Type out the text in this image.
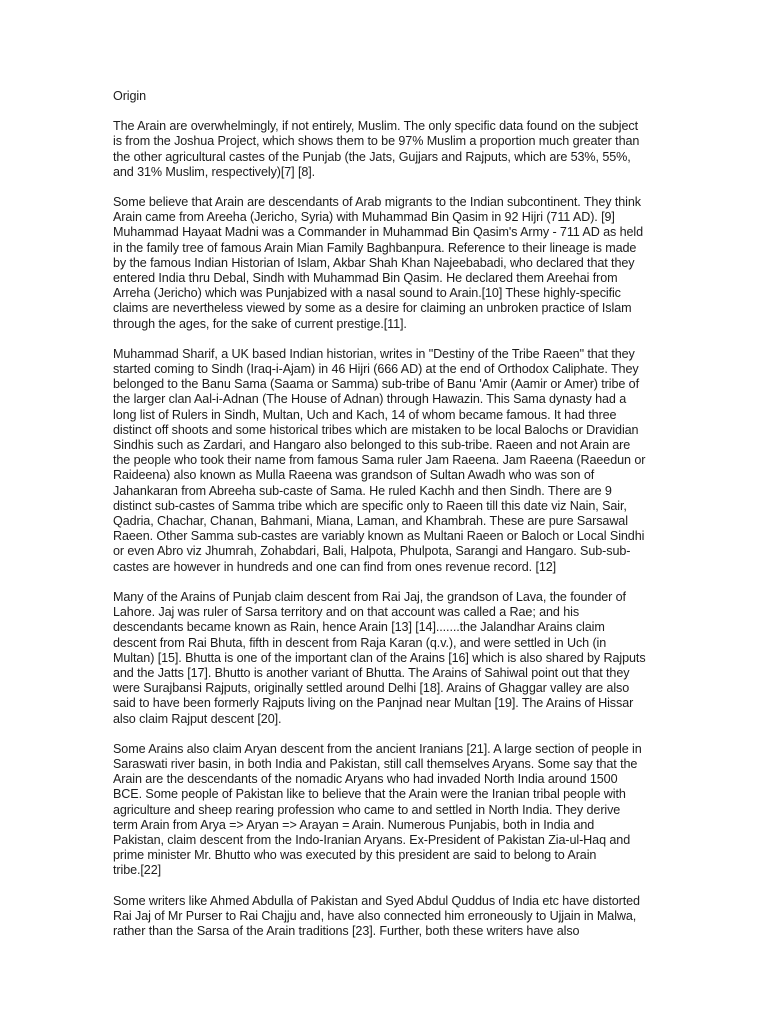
Origin

The Arain are overwhelmingly, if not entirely, Muslim. The only specific data found on the subject
is from the Joshua Project, which shows them to be 97% Muslim a proportion much greater than
the other agricultural castes of the Punjab (the Jats, Gujjars and Rajputs, which are 53%, 55%,
and 31% Muslim, respectively)[7] [8].

Some believe that Arain are descendants of Arab migrants to the Indian subcontinent. They think
Arain came from Areeha (Jericho, Syria) with Muhammad Bin Qasim in 92 Hijri (711 AD). [9]
Muhammad Hayaat Madni was a Commander in Muhammad Bin Qasim's Army - 711 AD as held
in the family tree of famous Arain Mian Family Baghbanpura. Reference to their lineage is made
by the famous Indian Historian of Islam, Akbar Shah Khan Najeebabadi, who declared that they
entered India thru Debal, Sindh with Muhammad Bin Qasim. He declared them Areehai from
Arreha (Jericho) which was Punjabized with a nasal sound to Arain.[10] These highly-specific
claims are nevertheless viewed by some as a desire for claiming an unbroken practice of Islam
through the ages, for the sake of current prestige.[11].

Muhammad Sharif, a UK based Indian historian, writes in "Destiny of the Tribe Raeen" that they
started coming to Sindh (Iraq-i-Ajam) in 46 Hijri (666 AD) at the end of Orthodox Caliphate. They
belonged to the Banu Sama (Saama or Samma) sub-tribe of Banu 'Amir (Aamir or Amer) tribe of
the larger clan Aal-i-Adnan (The House of Adnan) through Hawazin. This Sama dynasty had a
long list of Rulers in Sindh, Multan, Uch and Kach, 14 of whom became famous. It had three
distinct off shoots and some historical tribes which are mistaken to be local Balochs or Dravidian
Sindhis such as Zardari, and Hangaro also belonged to this sub-tribe. Raeen and not Arain are
the people who took their name from famous Sama ruler Jam Raeena. Jam Raeena (Raeedun or
Raideena) also known as Mulla Raeena was grandson of Sultan Awadh who was son of
Jahankaran from Abreeha sub-caste of Sama. He ruled Kachh and then Sindh. There are 9
distinct sub-castes of Samma tribe which are specific only to Raeen till this date viz Nain, Sair,
Qadria, Chachar, Chanan, Bahmani, Miana, Laman, and Khambrah. These are pure Sarsawal
Raeen. Other Samma sub-castes are variably known as Multani Raeen or Baloch or Local Sindhi
or even Abro viz Jhumrah, Zohabdari, Bali, Halpota, Phulpota, Sarangi and Hangaro. Sub-sub-
castes are however in hundreds and one can find from ones revenue record. [12]

Many of the Arains of Punjab claim descent from Rai Jaj, the grandson of Lava, the founder of
Lahore. Jaj was ruler of Sarsa territory and on that account was called a Rae; and his
descendants became known as Rain, hence Arain [13] [14].......the Jalandhar Arains claim
descent from Rai Bhuta, fifth in descent from Raja Karan (q.v.), and were settled in Uch (in
Multan) [15]. Bhutta is one of the important clan of the Arains [16] which is also shared by Rajputs
and the Jatts [17]. Bhutto is another variant of Bhutta. The Arains of Sahiwal point out that they
were Surajbansi Rajputs, originally settled around Delhi [18]. Arains of Ghaggar valley are also
said to have been formerly Rajputs living on the Panjnad near Multan [19]. The Arains of Hissar
also claim Rajput descent [20].

Some Arains also claim Aryan descent from the ancient Iranians [21]. A large section of people in
Saraswati river basin, in both India and Pakistan, still call themselves Aryans. Some say that the
Arain are the descendants of the nomadic Aryans who had invaded North India around 1500
BCE. Some people of Pakistan like to believe that the Arain were the Iranian tribal people with
agriculture and sheep rearing profession who came to and settled in North India. They derive
term Arain from Arya => Aryan => Arayan = Arain. Numerous Punjabis, both in India and
Pakistan, claim descent from the Indo-Iranian Aryans. Ex-President of Pakistan Zia-ul-Haq and
prime minister Mr. Bhutto who was executed by this president are said to belong to Arain
tribe.[22]

Some writers like Ahmed Abdulla of Pakistan and Syed Abdul Quddus of India etc have distorted
Rai Jaj of Mr Purser to Rai Chajju and, have also connected him erroneously to Ujjain in Malwa,
rather than the Sarsa of the Arain traditions [23]. Further, both these writers have also
